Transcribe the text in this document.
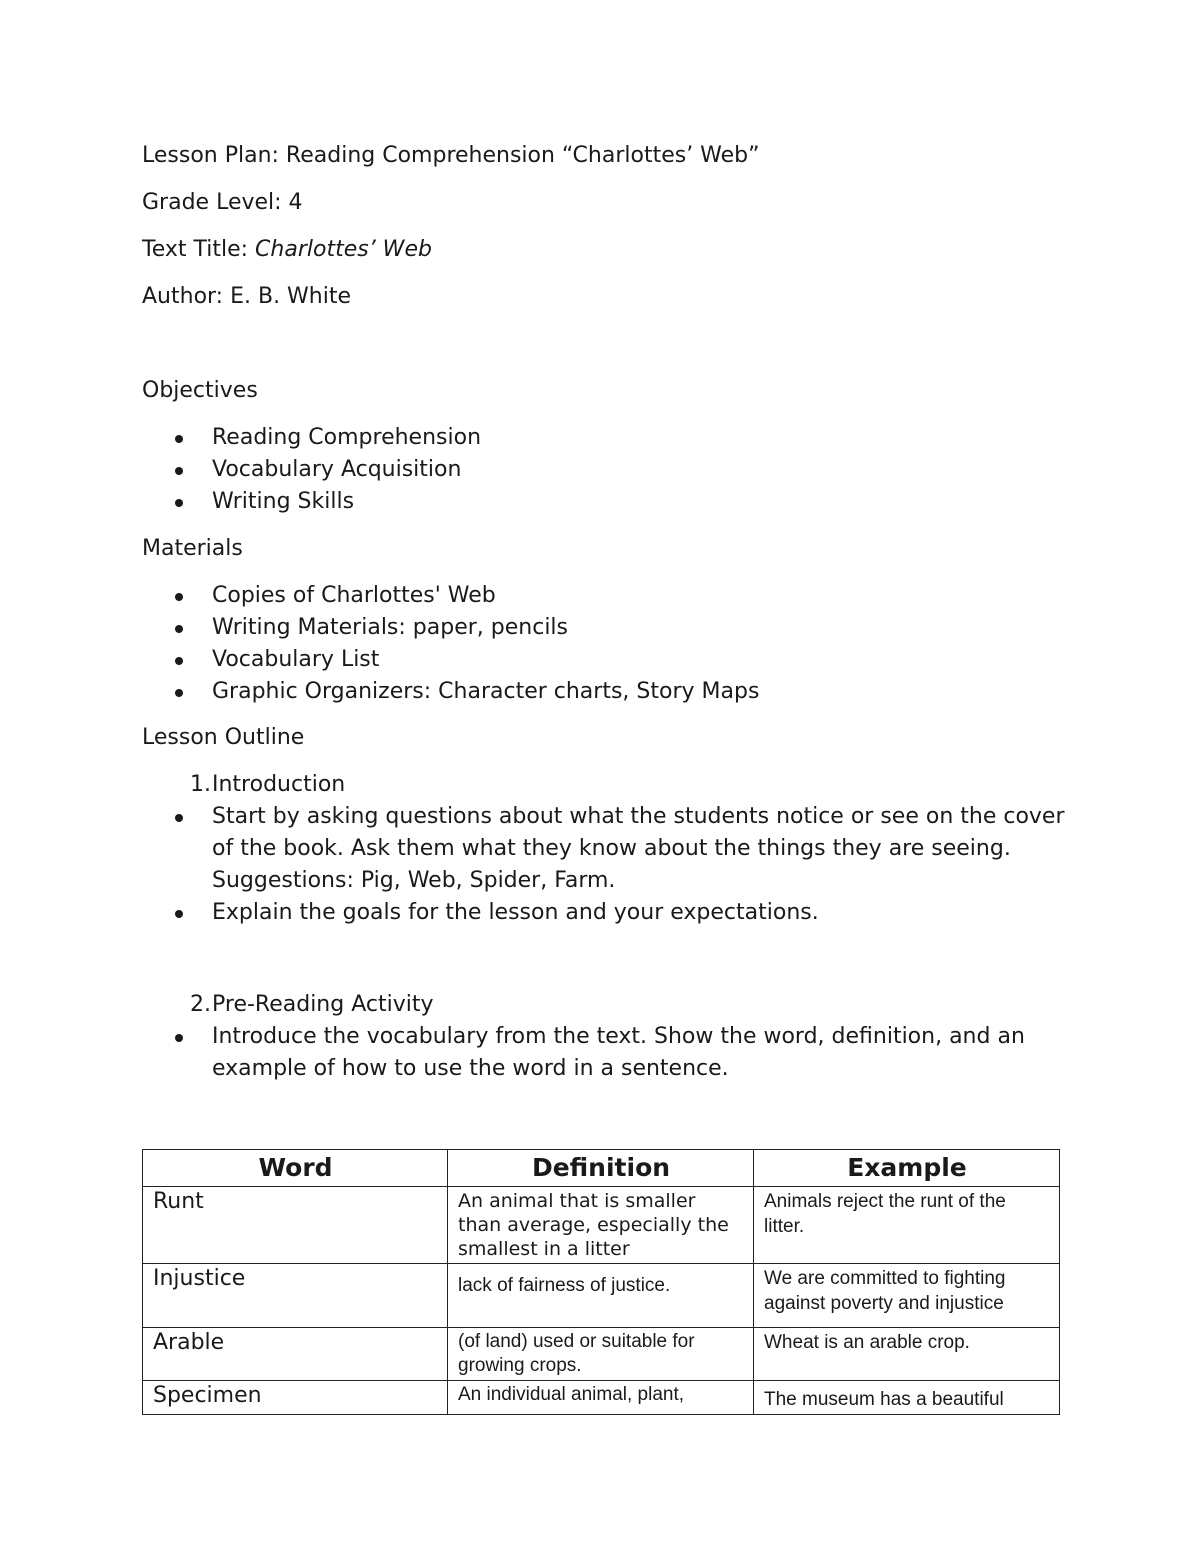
Lesson Plan: Reading Comprehension “Charlottes’ Web”
Grade Level: 4
Text Title: Charlottes’ Web
Author: E. B. White
Objectives
Reading Comprehension
Vocabulary Acquisition
Writing Skills
Materials
Copies of Charlottes' Web
Writing Materials: paper, pencils
Vocabulary List
Graphic Organizers: Character charts, Story Maps
Lesson Outline
1. Introduction
Start by asking questions about what the students notice or see on the cover of the book. Ask them what they know about the things they are seeing. Suggestions: Pig, Web, Spider, Farm.
Explain the goals for the lesson and your expectations.
2. Pre-Reading Activity
Introduce the vocabulary from the text. Show the word, definition, and an example of how to use the word in a sentence.
Word	Definition	Example
Runt	An animal that is smaller than average, especially the smallest in a litter	Animals reject the runt of the litter.
Injustice	lack of fairness of justice.	We are committed to fighting against poverty and injustice
Arable	(of land) used or suitable for growing crops.	Wheat is an arable crop.
Specimen	An individual animal, plant,	The museum has a beautiful
